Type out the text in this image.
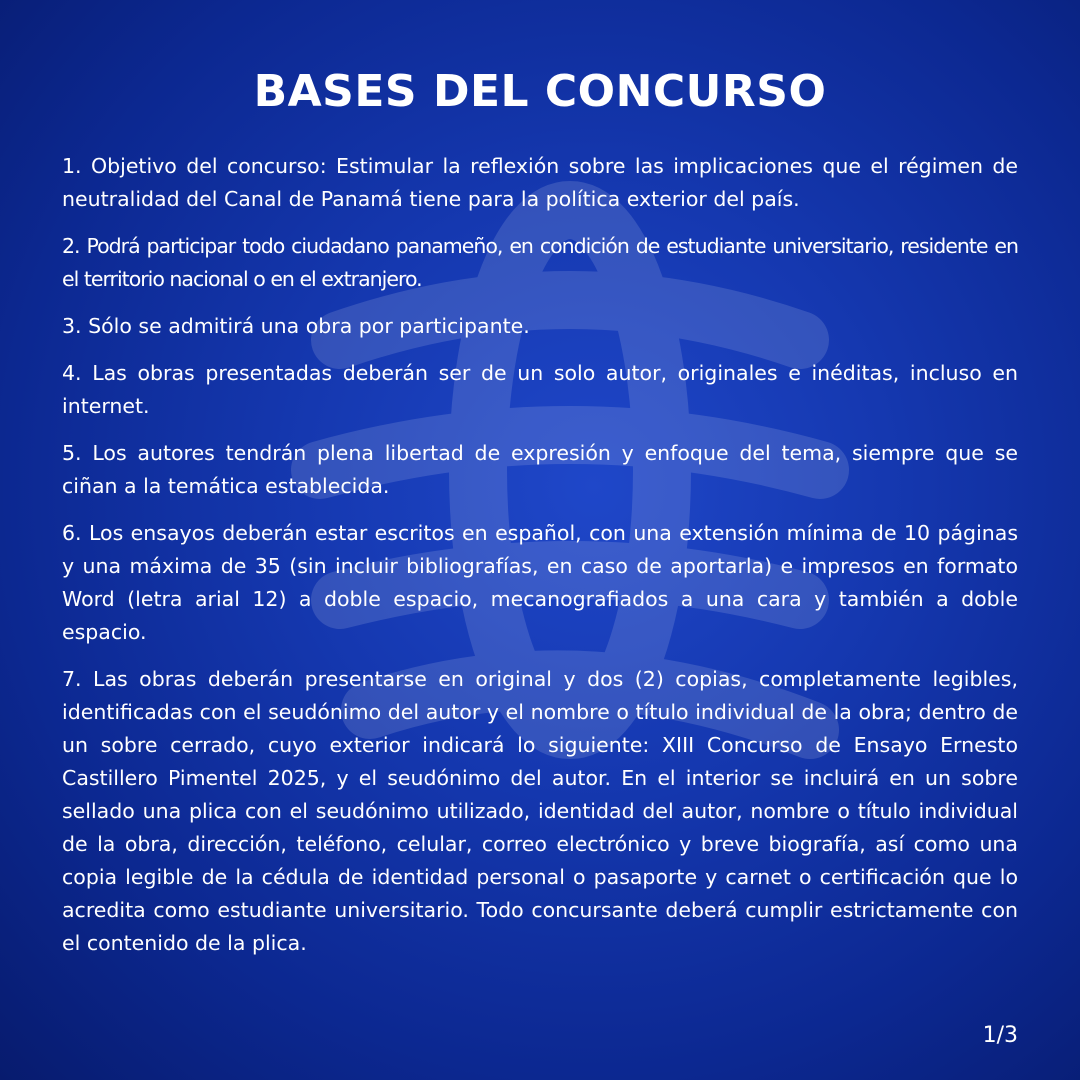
BASES DEL CONCURSO
1. Objetivo del concurso: Estimular la reflexión sobre las implicaciones que el régimen de neutralidad del Canal de Panamá tiene para la política exterior del país.
2. Podrá participar todo ciudadano panameño, en condición de estudiante universitario, residente en el territorio nacional o en el extranjero.
3. Sólo se admitirá una obra por participante.
4. Las obras presentadas deberán ser de un solo autor, originales e inéditas, incluso en internet.
5. Los autores tendrán plena libertad de expresión y enfoque del tema, siempre que se ciñan a la temática establecida.
6. Los ensayos deberán estar escritos en español, con una extensión mínima de 10 páginas y una máxima de 35 (sin incluir bibliografías, en caso de aportarla) e impresos en formato Word (letra arial 12) a doble espacio, mecanografiados a una cara y también a doble espacio.
7. Las obras deberán presentarse en original y dos (2) copias, completamente legibles, identificadas con el seudónimo del autor y el nombre o título individual de la obra; dentro de un sobre cerrado, cuyo exterior indicará lo siguiente: XIII Concurso de Ensayo Ernesto Castillero Pimentel 2025, y el seudónimo del autor. En el interior se incluirá en un sobre sellado una plica con el seudónimo utilizado, identidad del autor, nombre o título individual de la obra, dirección, teléfono, celular, correo electrónico y breve biografía, así como una copia legible de la cédula de identidad personal o pasaporte y carnet o certificación que lo acredita como estudiante universitario. Todo concursante deberá cumplir estrictamente con el contenido de la plica.
1/3
